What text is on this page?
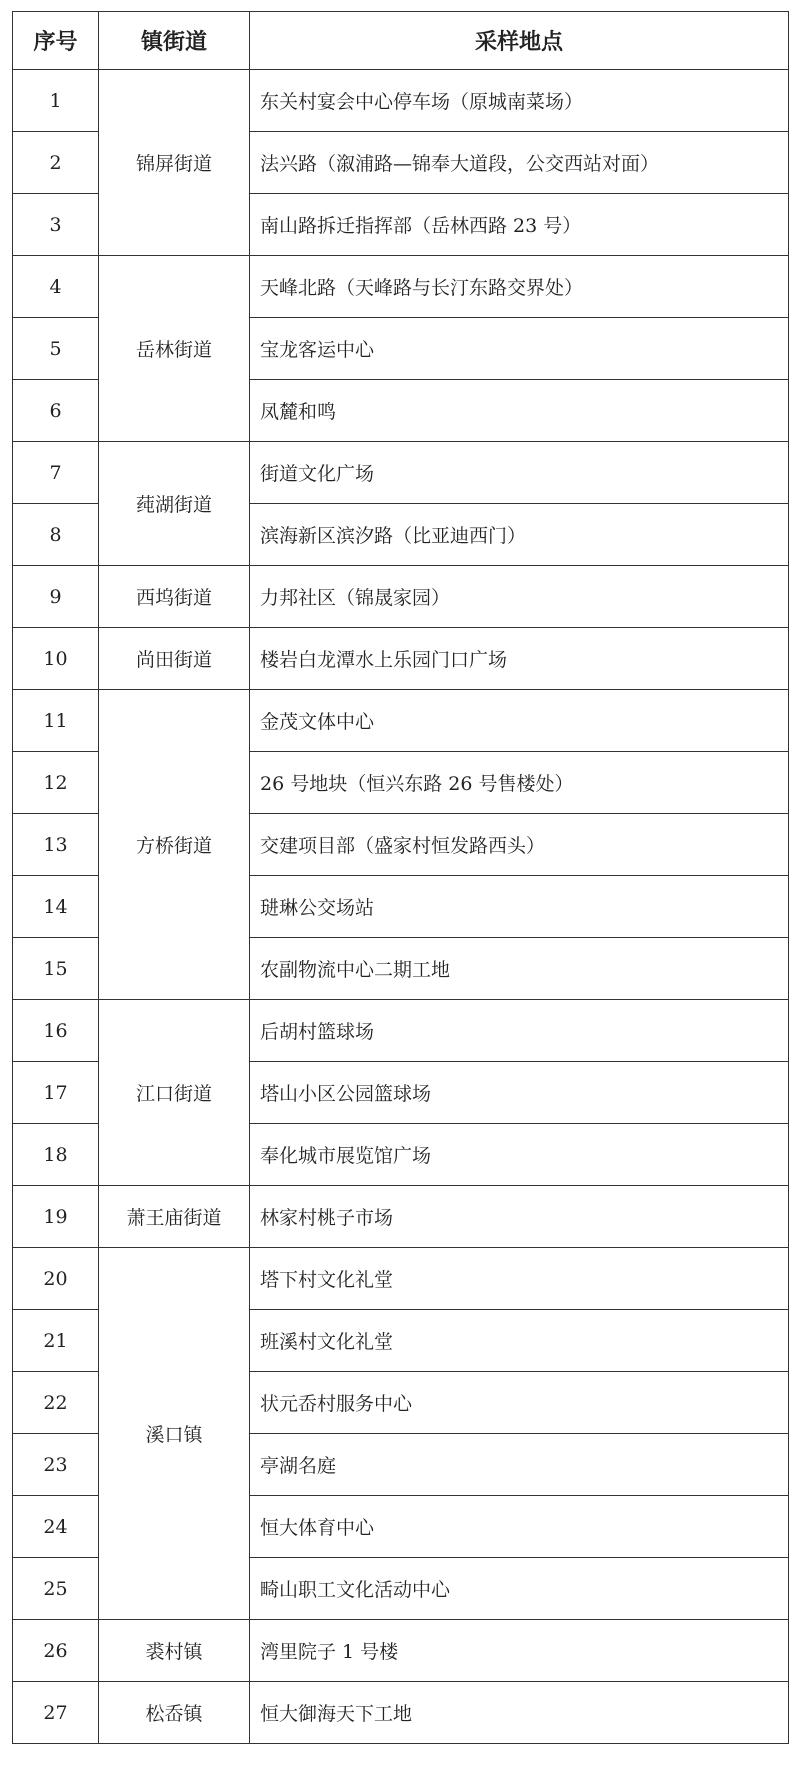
序号	镇街道	采样地点
1	锦屏街道	东关村宴会中心停车场（原城南菜场）
2		法兴路（溆浦路—锦奉大道段，公交西站对面）
3		南山路拆迁指挥部（岳林西路 23 号）
4	岳林街道	天峰北路（天峰路与长汀东路交界处）
5		宝龙客运中心
6		凤麓和鸣
7	莼湖街道	街道文化广场
8		滨海新区滨汐路（比亚迪西门）
9	西坞街道	力邦社区（锦晟家园）
10	尚田街道	楼岩白龙潭水上乐园门口广场
11	方桥街道	金茂文体中心
12		26 号地块（恒兴东路 26 号售楼处）
13		交建项目部（盛家村恒发路西头）
14		琎琳公交场站
15		农副物流中心二期工地
16	江口街道	后胡村篮球场
17		塔山小区公园篮球场
18		奉化城市展览馆广场
19	萧王庙街道	林家村桃子市场
20	溪口镇	塔下村文化礼堂
21		班溪村文化礼堂
22		状元岙村服务中心
23		亭湖名庭
24		恒大体育中心
25		畸山职工文化活动中心
26	裘村镇	湾里院子 1 号楼
27	松岙镇	恒大御海天下工地
